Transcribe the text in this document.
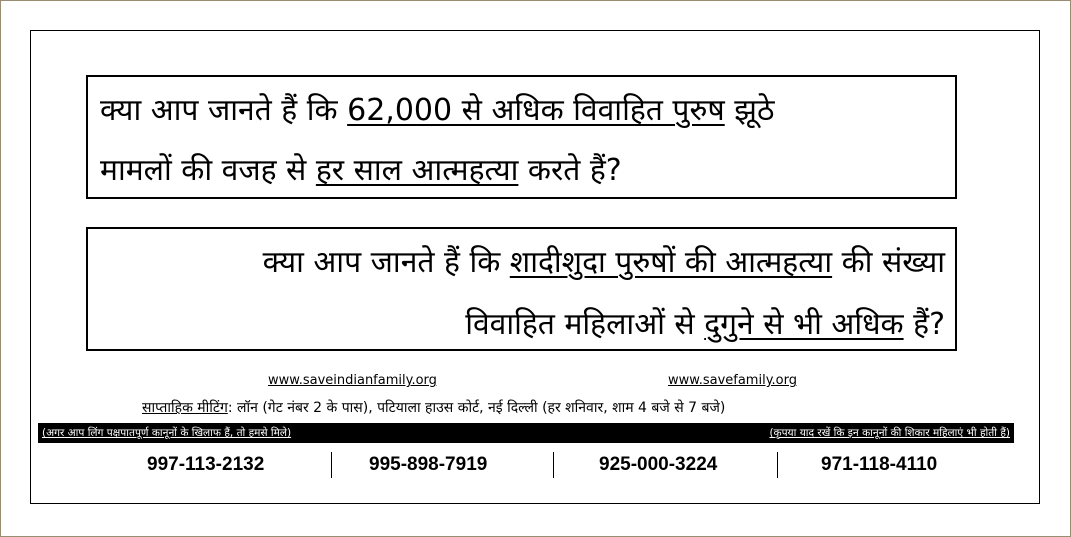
क्या आप जानते हैं कि 62,000 से अधिक विवाहित पुरुष झूठे
मामलों की वजह से हर साल आत्महत्या करते हैं?
क्या आप जानते हैं कि शादीशुदा पुरुषों की आत्महत्या की संख्या
विवाहित महिलाओं से दुगुने से भी अधिक हैं?
www.saveindianfamily.org	www.savefamily.org
साप्ताहिक मीटिंग: लॉन (गेट नंबर 2 के पास), पटियाला हाउस कोर्ट, नई दिल्ली (हर शनिवार, शाम 4 बजे से 7 बजे)
(अगर आप लिंग पक्षपातपूर्ण कानूनों के खिलाफ हैं, तो हमसे मिले)	(कृपया याद रखें कि इन कानूनों की शिकार महिलाएं भी होती हैं)
997-113-2132	995-898-7919	925-000-3224	971-118-4110
